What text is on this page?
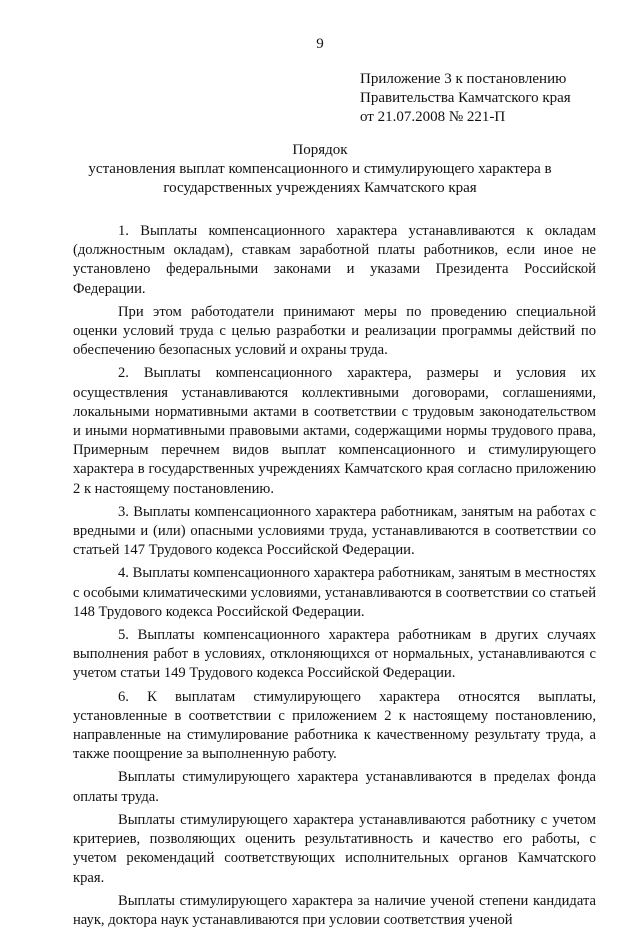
9
Приложение 3 к постановлению
Правительства Камчатского края
от 21.07.2008 № 221-П
Порядок
установления выплат компенсационного и стимулирующего характера в
государственных учреждениях Камчатского края

1. Выплаты компенсационного характера устанавливаются к окладам (должностным окладам), ставкам заработной платы работников, если иное не установлено федеральными законами и указами Президента Российской Федерации.

При этом работодатели принимают меры по проведению специальной оценки условий труда с целью разработки и реализации программы действий по обеспечению безопасных условий и охраны труда.

2. Выплаты компенсационного характера, размеры и условия их осуществления устанавливаются коллективными договорами, соглашениями, локальными нормативными актами в соответствии с трудовым законодательством и иными нормативными правовыми актами, содержащими нормы трудового права, Примерным перечнем видов выплат компенсационного и стимулирующего характера в государственных учреждениях Камчатского края согласно приложению 2 к настоящему постановлению.

3. Выплаты компенсационного характера работникам, занятым на работах с вредными и (или) опасными условиями труда, устанавливаются в соответствии со статьей 147 Трудового кодекса Российской Федерации.

4. Выплаты компенсационного характера работникам, занятым в местностях с особыми климатическими условиями, устанавливаются в соответствии со статьей 148 Трудового кодекса Российской Федерации.

5. Выплаты компенсационного характера работникам в других случаях выполнения работ в условиях, отклоняющихся от нормальных, устанавливаются с учетом статьи 149 Трудового кодекса Российской Федерации.

6. К выплатам стимулирующего характера относятся выплаты, установленные в соответствии с приложением 2 к настоящему постановлению, направленные на стимулирование работника к качественному результату труда, а также поощрение за выполненную работу.

Выплаты стимулирующего характера устанавливаются в пределах фонда оплаты труда.

Выплаты стимулирующего характера устанавливаются работнику с учетом критериев, позволяющих оценить результативность и качество его работы, с учетом рекомендаций соответствующих исполнительных органов Камчатского края.

Выплаты стимулирующего характера за наличие ученой степени кандидата наук, доктора наук устанавливаются при условии соответствия ученой
